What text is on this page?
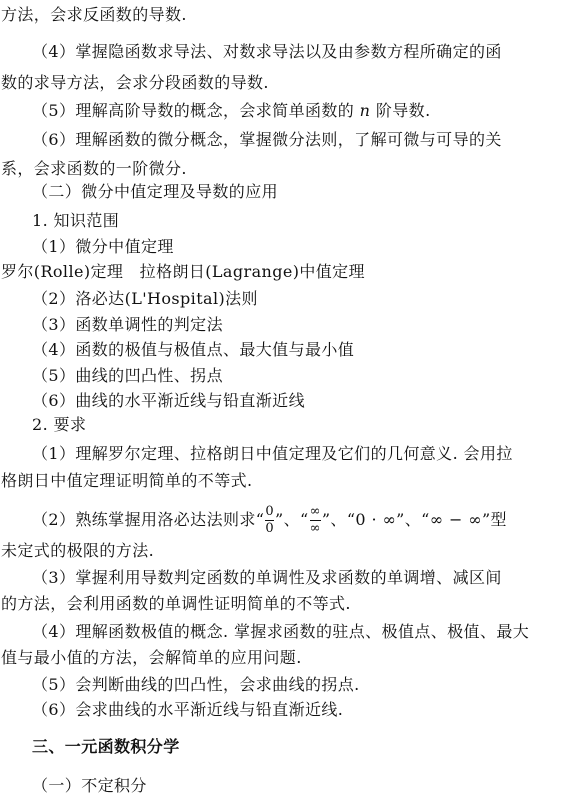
方法，会求反函数的导数.
（4）掌握隐函数求导法、对数求导法以及由参数方程所确定的函
数的求导方法，会求分段函数的导数.
（5）理解高阶导数的概念，会求简单函数的 n 阶导数.
（6）理解函数的微分概念，掌握微分法则，了解可微与可导的关
系，会求函数的一阶微分.
（二）微分中值定理及导数的应用
1. 知识范围
（1）微分中值定理
罗尔(Rolle)定理　拉格朗日(Lagrange)中值定理
（2）洛必达(L'Hospital)法则
（3）函数单调性的判定法
（4）函数的极值与极值点、最大值与最小值
（5）曲线的凹凸性、拐点
（6）曲线的水平渐近线与铅直渐近线
2. 要求
（1）理解罗尔定理、拉格朗日中值定理及它们的几何意义. 会用拉
格朗日中值定理证明简单的不等式.
（2）熟练掌握用洛必达法则求“ $\frac{0}{0}$ ”、“ $\frac{\infty}{\infty}$ ”、“0 · ∞”、“∞ − ∞”型
未定式的极限的方法.
（3）掌握利用导数判定函数的单调性及求函数的单调增、减区间
的方法，会利用函数的单调性证明简单的不等式.
（4）理解函数极值的概念. 掌握求函数的驻点、极值点、极值、最大
值与最小值的方法，会解简单的应用问题.
（5）会判断曲线的凹凸性，会求曲线的拐点.
（6）会求曲线的水平渐近线与铅直渐近线.
三、一元函数积分学
（一）不定积分
